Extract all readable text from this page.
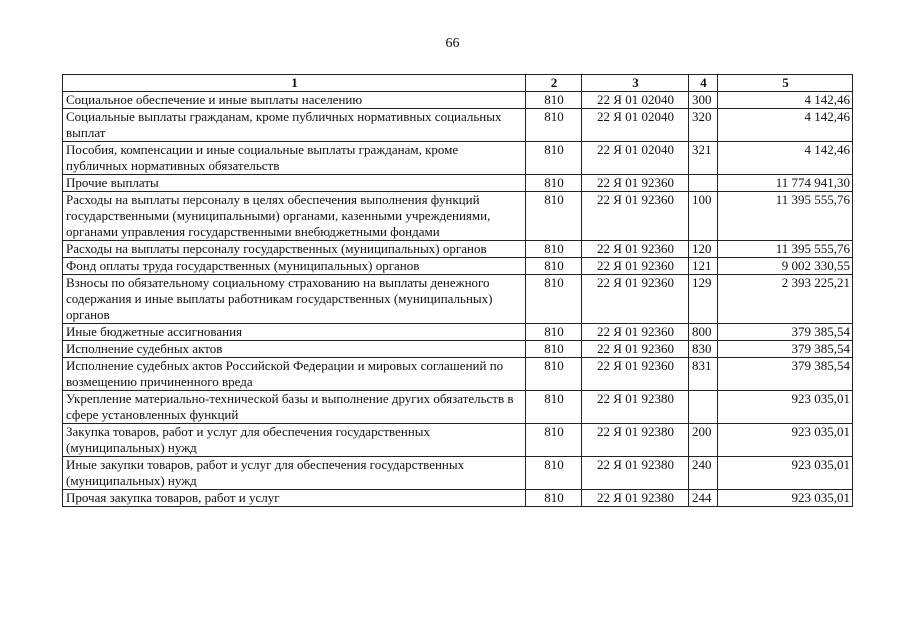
66
1	2	3	4	5
Социальное обеспечение и иные выплаты населению	810	22 Я 01 02040	300	4 142,46
Социальные выплаты гражданам, кроме публичных нормативных социальных выплат	810	22 Я 01 02040	320	4 142,46
Пособия, компенсации и иные социальные выплаты гражданам, кроме публичных нормативных обязательств	810	22 Я 01 02040	321	4 142,46
Прочие выплаты	810	22 Я 01 92360		11 774 941,30
Расходы на выплаты персоналу в целях обеспечения выполнения функций государственными (муниципальными) органами, казенными учреждениями, органами управления государственными внебюджетными фондами	810	22 Я 01 92360	100	11 395 555,76
Расходы на выплаты персоналу государственных (муниципальных) органов	810	22 Я 01 92360	120	11 395 555,76
Фонд оплаты труда государственных (муниципальных) органов	810	22 Я 01 92360	121	9 002 330,55
Взносы по обязательному социальному страхованию на выплаты денежного содержания и иные выплаты работникам государственных (муниципальных) органов	810	22 Я 01 92360	129	2 393 225,21
Иные бюджетные ассигнования	810	22 Я 01 92360	800	379 385,54
Исполнение судебных актов	810	22 Я 01 92360	830	379 385,54
Исполнение судебных актов Российской Федерации и мировых соглашений по возмещению причиненного вреда	810	22 Я 01 92360	831	379 385,54
Укрепление материально-технической базы и выполнение других обязательств в сфере установленных функций	810	22 Я 01 92380		923 035,01
Закупка товаров, работ и услуг для обеспечения государственных (муниципальных) нужд	810	22 Я 01 92380	200	923 035,01
Иные закупки товаров, работ и услуг для обеспечения государственных (муниципальных) нужд	810	22 Я 01 92380	240	923 035,01
Прочая закупка товаров, работ и услуг	810	22 Я 01 92380	244	923 035,01
